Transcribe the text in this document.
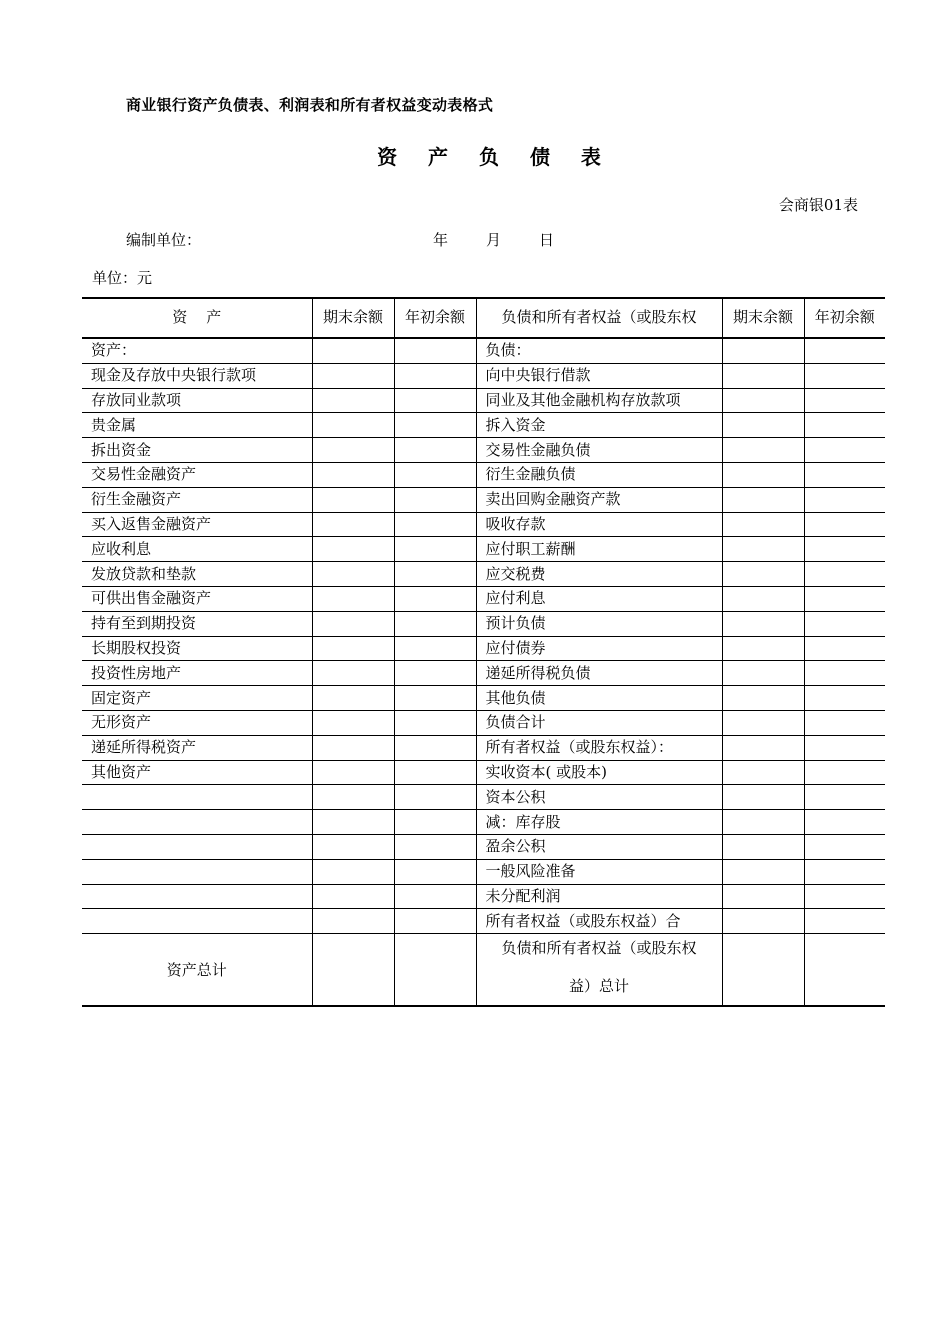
商业银行资产负债表、利润表和所有者权益变动表格式
资 产 负 债 表
会商银01表
编制单位：	年	月	日
单位：元
资    产	期末余额	年初余额	负债和所有者权益（或股东权	期末余额	年初余额
资产：			负债：		
现金及存放中央银行款项			向中央银行借款		
存放同业款项			同业及其他金融机构存放款项		
贵金属			拆入资金		
拆出资金			交易性金融负债		
交易性金融资产			衍生金融负债		
衍生金融资产			卖出回购金融资产款		
买入返售金融资产			吸收存款		
应收利息			应付职工薪酬		
发放贷款和垫款			应交税费		
可供出售金融资产			应付利息		
持有至到期投资			预计负债		
长期股权投资			应付债券		
投资性房地产			递延所得税负债		
固定资产			其他负债		
无形资产			负债合计		
递延所得税资产			所有者权益（或股东权益）：		
其他资产			实收资本( 或股本)		
			资本公积		
			减：库存股		
			盈余公积		
			一般风险准备		
			未分配利润		
			所有者权益（或股东权益）合		
资产总计			负债和所有者权益（或股东权
益）总计		
